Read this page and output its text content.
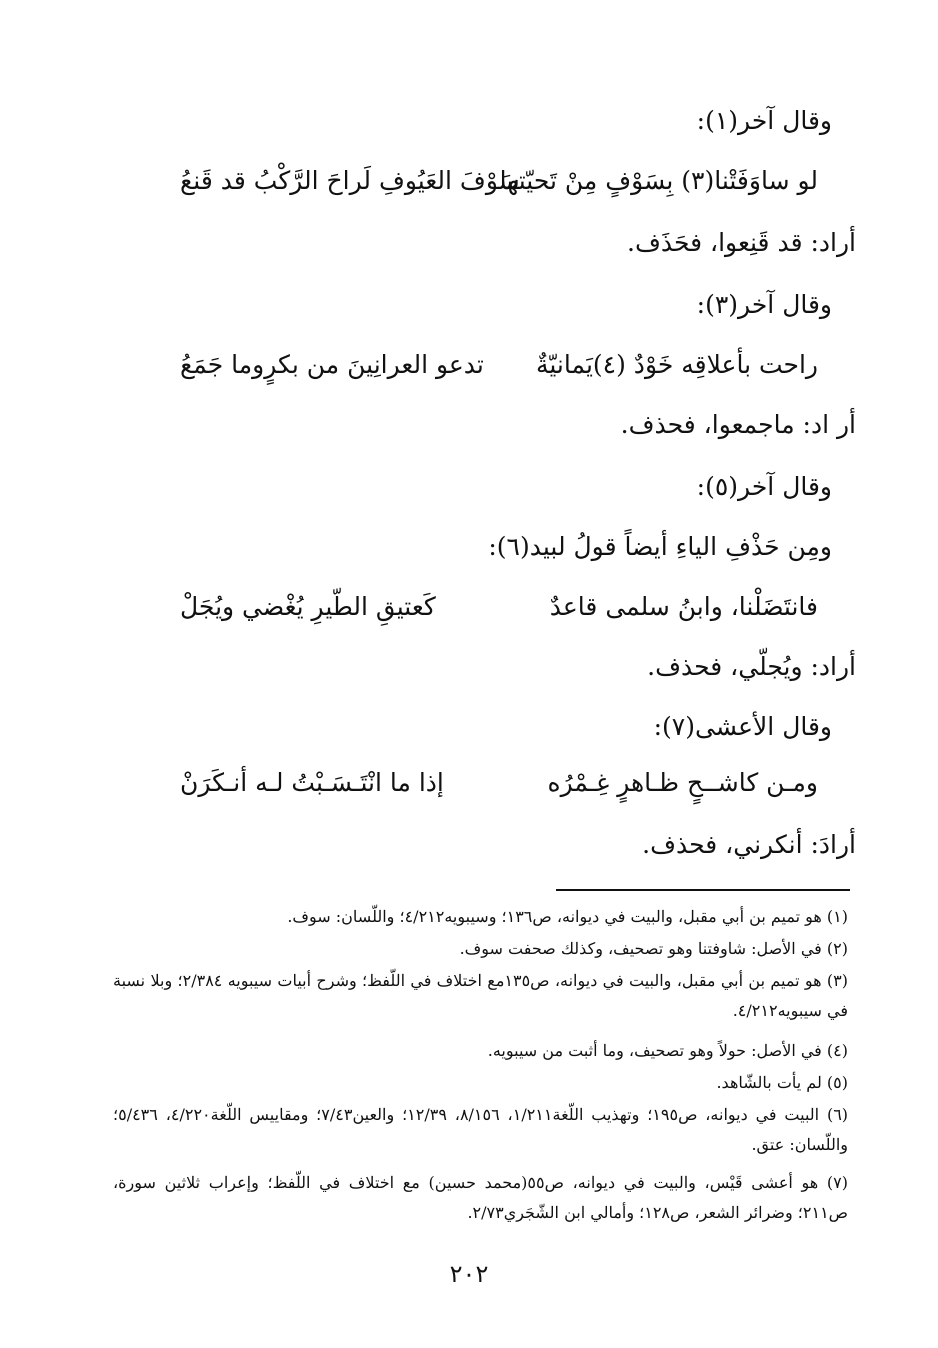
وقال آخر(١):
لو ساوَفَتْنا(٣) بِسَوْفٍ مِنْ تَحيّتها
سَوْفَ العَيُوفِ لَراحَ الرَّكْبُ قد قَنعُ
أراد: قد قَنِعوا، فحَذَف.
وقال آخر(٣):
راحت بأعلاقِه خَوْدٌ (٤)يَمانيّةٌ
تدعو العرانِينَ من بكرٍوما جَمَعُ
أر اد: ماجمعوا، فحذف.
وقال آخر(٥):
ومِن حَذْفِ الياءِ أيضاً قولُ لبيد(٦):
فانتَضَلْنا، وابنُ سلمى قاعدٌ
كَعتيقِ الطّيرِ يُغْضي ويُجَلْ
أراد: ويُجلّي، فحذف.
وقال الأعشى(٧):
ومـن كاشــحٍ ظـاهرٍ غِـمْرُه
إذا ما انْتَـسَـبْتُ لـه أنـكَرَنْ
أرادَ: أنكرني، فحذف.
(١) هو تميم بن أبي مقبل، والبيت في ديوانه، ص١٣٦؛ وسيبويه٤/٢١٢؛ واللّسان: سوف.
(٢) في الأصل: شاوفتنا وهو تصحيف، وكذلك صحفت سوف.
(٣) هو تميم بن أبي مقبل، والبيت في ديوانه، ص١٣٥مع اختلاف في اللّفظ؛ وشرح أبيات سيبويه ٢/٣٨٤؛ وبلا نسبة في سيبويه٤/٢١٢.
(٤) في الأصل: حولاً وهو تصحيف، وما أثبت من سيبويه.
(٥) لم يأت بالشّاهد.
(٦) البيت في ديوانه، ص١٩٥؛ وتهذيب اللّغة١/٢١١، ٨/١٥٦، ١٢/٣٩؛ والعين٧/٤٣؛ ومقاييس اللّغة٤/٢٢٠، ٥/٤٣٦؛ واللّسان: عتق.
(٧) هو أعشى قَيْس، والبيت في ديوانه، ص٥٥(محمد حسين) مع اختلاف في اللّفظ؛ وإعراب ثلاثين سورة، ص٢١١؛ وضرائر الشعر، ص١٢٨؛ وأمالي ابن الشّجَري٢/٧٣.
٢٠٢
